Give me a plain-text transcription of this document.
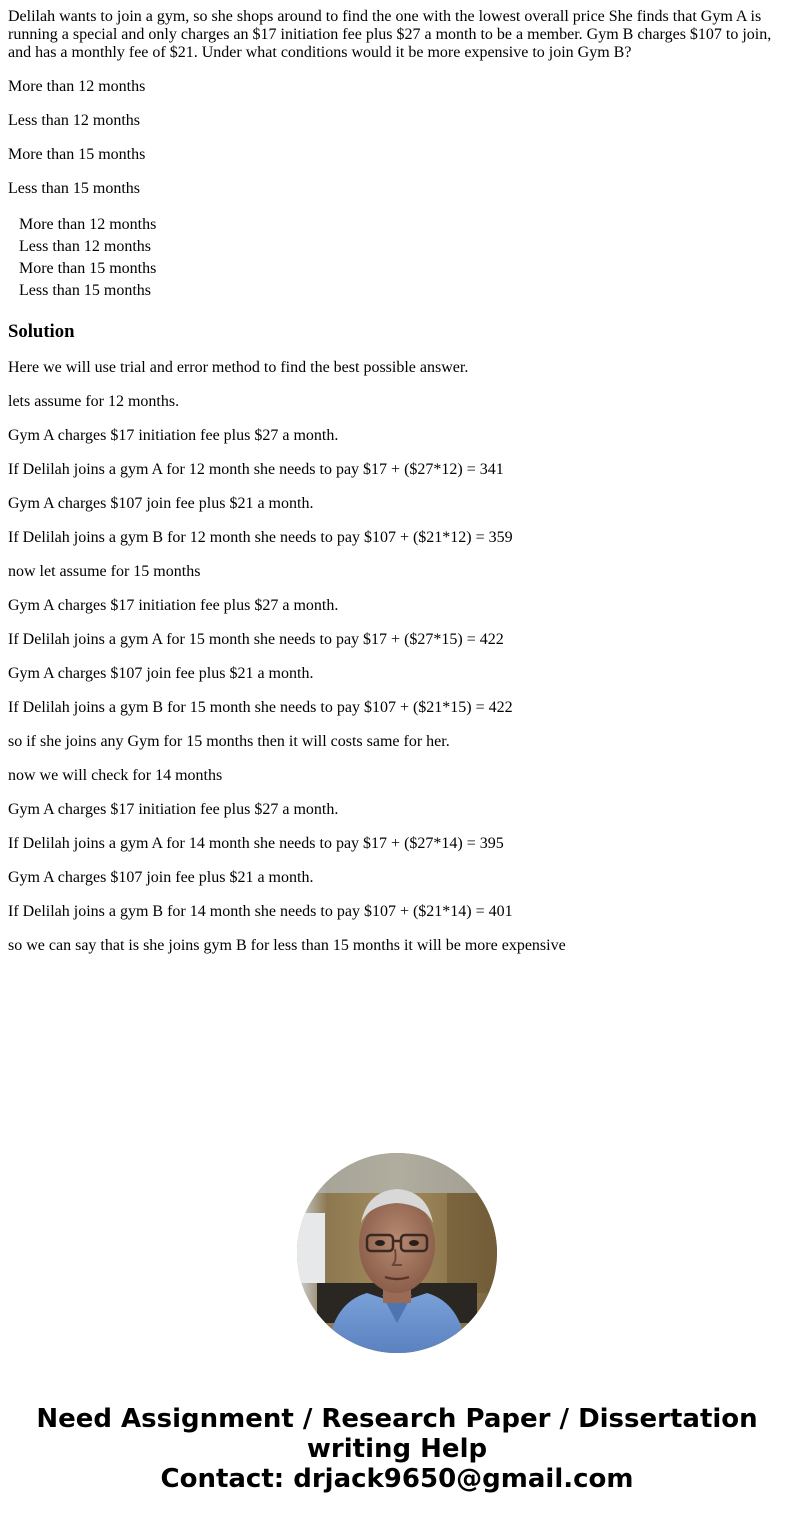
Delilah wants to join a gym, so she shops around to find the one with the lowest overall price She finds that Gym A is running a special and only charges an $17 initiation fee plus $27 a month to be a member. Gym B charges $107 to join, and has a monthly fee of $21. Under what conditions would it be more expensive to join Gym B?

More than 12 months

Less than 12 months

More than 15 months

Less than 15 months

More than 12 months
Less than 12 months
More than 15 months
Less than 15 months
Solution

Here we will use trial and error method to find the best possible answer.

lets assume for 12 months.

Gym A charges $17 initiation fee plus $27 a month.

If Delilah joins a gym A for 12 month she needs to pay $17 + ($27*12) = 341

Gym A charges $107 join fee plus $21 a month.

If Delilah joins a gym B for 12 month she needs to pay $107 + ($21*12) = 359

now let assume for 15 months

Gym A charges $17 initiation fee plus $27 a month.

If Delilah joins a gym A for 15 month she needs to pay $17 + ($27*15) = 422

Gym A charges $107 join fee plus $21 a month.

If Delilah joins a gym B for 15 month she needs to pay $107 + ($21*15) = 422

so if she joins any Gym for 15 months then it will costs same for her.

now we will check for 14 months

Gym A charges $17 initiation fee plus $27 a month.

If Delilah joins a gym A for 14 month she needs to pay $17 + ($27*14) = 395

Gym A charges $107 join fee plus $21 a month.

If Delilah joins a gym B for 14 month she needs to pay $107 + ($21*14) = 401

so we can say that is she joins gym B for less than 15 months it will be more expensive

Need Assignment / Research Paper / Dissertation
writing Help
Contact: drjack9650@gmail.com
